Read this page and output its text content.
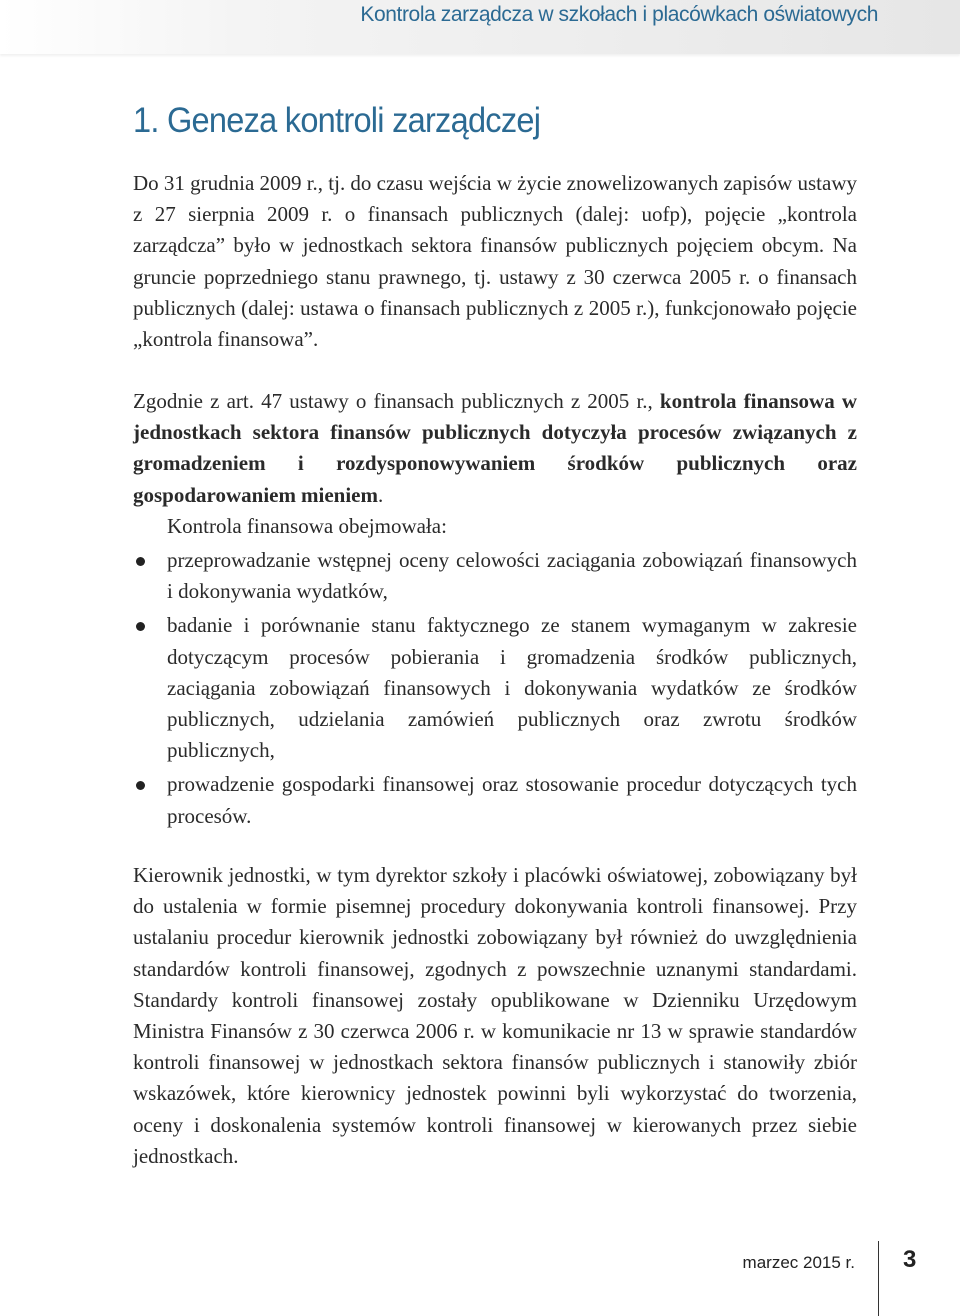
Kontrola zarządcza w szkołach i placówkach oświatowych
1. Geneza kontroli zarządczej

Do 31 grudnia 2009 r., tj. do czasu wejścia w życie znowelizowanych zapisów ustawy z 27 sierpnia 2009 r. o finansach publicznych (dalej: uofp), pojęcie „kontrola zarządcza” było w jednostkach sektora finansów publicznych pojęciem obcym. Na gruncie poprzedniego stanu prawnego, tj. ustawy z 30 czerwca 2005 r. o finansach publicznych (dalej: ustawa o finansach publicznych z 2005 r.), funkcjonowało pojęcie „kontrola finansowa”.

Zgodnie z art. 47 ustawy o finansach publicznych z 2005 r., kontrola finansowa w jednostkach sektora finansów publicznych dotyczyła procesów związanych z gromadzeniem i rozdysponowywaniem środków publicznych oraz gospodarowaniem mieniem.

Kontrola finansowa obejmowała:
przeprowadzanie wstępnej oceny celowości zaciągania zobowiązań finansowych i dokonywania wydatków,
badanie i porównanie stanu faktycznego ze stanem wymaganym w zakresie dotyczącym procesów pobierania i gromadzenia środków publicznych, zaciągania zobowiązań finansowych i dokonywania wydatków ze środków publicznych, udzielania zamówień publicznych oraz zwrotu środków publicznych,
prowadzenie gospodarki finansowej oraz stosowanie procedur dotyczących tych procesów.

Kierownik jednostki, w tym dyrektor szkoły i placówki oświatowej, zobowiązany był do ustalenia w formie pisemnej procedury dokonywania kontroli finansowej. Przy ustalaniu procedur kierownik jednostki zobowiązany był również do uwzględnienia standardów kontroli finansowej, zgodnych z powszechnie uznanymi standardami. Standardy kontroli finansowej zostały opublikowane w Dzienniku Urzędowym Ministra Finansów z 30 czerwca 2006 r. w komunikacie nr 13 w sprawie standardów kontroli finansowej w jednostkach sektora finansów publicznych i stanowiły zbiór wskazówek, które kierownicy jednostek powinni byli wykorzystać do tworzenia, oceny i doskonalenia systemów kontroli finansowej w kierowanych przez siebie jednostkach.

marzec 2015 r. 3
